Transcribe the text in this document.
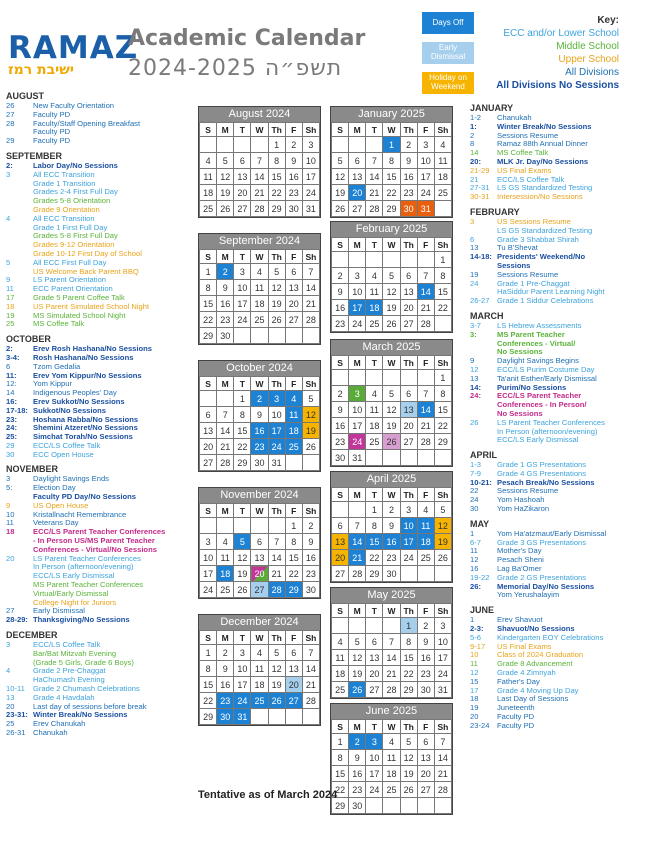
RAMAZ
ישיבת רמז
Academic Calendar
2024-2025 תשפ״ה
Days Off
Early Dismissal
Holiday on Weekend
Key:
ECC and/or Lower School
Middle School
Upper School
All Divisions
All Divisions No Sessions
AUGUST
26	New Faculty Orientation
27	Faculty PD
28	Faculty/Staff Opening Breakfast
Faculty PD
29	Faculty PD
SEPTEMBER
2:	Labor Day/No Sessions
3	All ECC Transition
Grade 1 Transition
Grades 2-4 First Full Day
Grades 5-8 Orientation
Grade 9 Orientation
4	All ECC Transition
Grade 1 First Full Day
Grades 5-8 First Full Day
Grades 9-12 Orientation
Grade 10-12 First Day of School
5	All ECC First Full Day
US Welcome Back Parent BBQ
9	LS Parent Orientation
11	ECC Parent Orientation
17	Grade 5 Parent Coffee Talk
18	US Parent Simulated School Night
19	MS Simulated School Night
25	MS Coffee Talk
OCTOBER
2:	Erev Rosh Hashana/No Sessions
3-4:	Rosh Hashana/No Sessions
6	Tzom Gedalia
11:	Erev Yom Kippur/No Sessions
12:	Yom Kippur
14	Indigenous Peoples' Day
16:	Erev Sukkot/No Sessions
17-18: Sukkot/No Sessions
23:	Hoshana Rabba/No Sessions
24:	Shemini Atzeret/No Sessions
25:	Simchat Torah/No Sessions
29	ECC/LS Coffee Talk
30	ECC Open House
NOVEMBER
3	Daylight Savings Ends
5:	Election Day
Faculty PD Day/No Sessions
9	US Open House
10	Kristallnacht Remembrance
11	Veterans Day
18	ECC/LS Parent Teacher Conferences
- In Person US/MS Parent Teacher
Conferences - Virtual/No Sessions
20	LS Parent Teacher Conferences
In Person (afternoon/evening)
ECC/LS Early Dismissal
MS Parent Teacher Conferences
Virtual/Early Dismissal
College Night for Juniors
27	Early Dismissal
28-29: Thanksgiving/No Sessions
DECEMBER
3	ECC/LS Coffee Talk
Bar/Bat Mitzvah Evening
(Grade 5 Girls, Grade 6 Boys)
4	Grade 2 Pre-Chaggat
HaChumash Evening
10-11	Grade 2 Chumash Celebrations
13	Grade 4 Havdalah
20	Last day of sessions before break
23-31: Winter Break/No Sessions
25	Erev Chanukah
26-31 Chanukah
JANUARY
1-2	Chanukah
1:	Winter Break/No Sessions
2	Sessions Resume
8	Ramaz 88th Annual Dinner
14	MS Coffee Talk
20:	MLK Jr. Day/No Sessions
21-29 US Final Exams
21	ECC/LS Coffee Talk
27-31 LS GS Standardized Testing
30-31 Intersession/No Sessions
FEBRUARY
3	US Sessions Resume
LS GS Standardized Testing
6	Grade 3 Shabbat Shirah
13	Tu B'Shevat
14-18: Presidents' Weekend/No
Sessions
19	Sessions Resume
24	Grade 1 Pre-Chaggat
HaSiddur Parent Learning Night
26-27 Grade 1 Siddur Celebrations
MARCH
3-7	LS Hebrew Assessments
3:	MS Parent Teacher
Conferences - Virtual/
No Sessions
9	Daylight Savings Begins
12	ECC/LS Purim Costume Day
13	Ta'anit Esther/Early Dismissal
14:	Purim/No Sessions
24:	ECC/LS Parent Teacher
Conferences - In Person/
No Sessions
26	LS Parent Teacher Conferences
In Person (afternoon/evening)
ECC/LS Early Dismissal
APRIL
1-3	Grade 1 GS Presentations
7-9	Grade 4 GS Presentations
10-21: Pesach Break/No Sessions
22	Sessions Resume
24	Yom Hashoah
30	Yom HaZikaron
MAY
1	Yom Ha'atzmaut/Early Dismissal
6-7	Grade 3 GS Presentations
11	Mother's Day
12	Pesach Sheni
16	Lag Ba'Omer
19-22 Grade 2 GS Presentations
26:	Memorial Day/No Sessions
Yom Yerushalayim
JUNE
1	Erev Shavuot
2-3:	Shavuot/No Sessions
5-6	Kindergarten EOY Celebrations
9-17	US Final Exams
10	Class of 2024 Graduation
11	Grade 8 Advancement
12	Grade 4 Zimnyah
15	Father's Day
17	Grade 4 Moving Up Day
18	Last Day of Sessions
19	Juneteenth
20	Faculty PD
23-24 Faculty PD
August 2024
S	M	T	W	Th	F	Sh
				1	2	3
4	5	6	7	8	9	10
11	12	13	14	15	16	17
18	19	20	21	22	23	24
25	26	27	28	29	30	31
September 2024
S	M	T	W	Th	F	Sh
1	2	3	4	5	6	7
8	9	10	11	12	13	14
15	16	17	18	19	20	21
22	23	24	25	26	27	28
29	30					
October 2024
S	M	T	W	Th	F	Sh
		1	2	3	4	5
6	7	8	9	10	11	12
13	14	15	16	17	18	19
20	21	22	23	24	25	26
27	28	29	30	31		
November 2024
S	M	T	W	Th	F	Sh
					1	2
3	4	5	6	7	8	9
10	11	12	13	14	15	16
17	18	19	20	21	22	23
24	25	26	27	28	29	30
December 2024
S	M	T	W	Th	F	Sh
1	2	3	4	5	6	7
8	9	10	11	12	13	14
15	16	17	18	19	20	21
22	23	24	25	26	27	28
29	30	31				
January 2025
S	M	T	W	Th	F	Sh
			1	2	3	4
5	6	7	8	9	10	11
12	13	14	15	16	17	18
19	20	21	22	23	24	25
26	27	28	29	30	31	
February 2025
S	M	T	W	Th	F	Sh
						1
2	3	4	5	6	7	8
9	10	11	12	13	14	15
16	17	18	19	20	21	22
23	24	25	26	27	28	
March 2025
S	M	T	W	Th	F	Sh
						1
2	3	4	5	6	7	8
9	10	11	12	13	14	15
16	17	18	19	20	21	22
23	24	25	26	27	28	29
30	31					
April 2025
S	M	T	W	Th	F	Sh
		1	2	3	4	5
6	7	8	9	10	11	12
13	14	15	16	17	18	19
20	21	22	23	24	25	26
27	28	29	30			
May 2025
S	M	T	W	Th	F	Sh
				1	2	3
4	5	6	7	8	9	10
11	12	13	14	15	16	17
18	19	20	21	22	23	24
25	26	27	28	29	30	31
June 2025
S	M	T	W	Th	F	Sh
1	2	3	4	5	6	7
8	9	10	11	12	13	14
15	16	17	18	19	20	21
22	23	24	25	26	27	28
29	30					
Tentative as of March 2024
